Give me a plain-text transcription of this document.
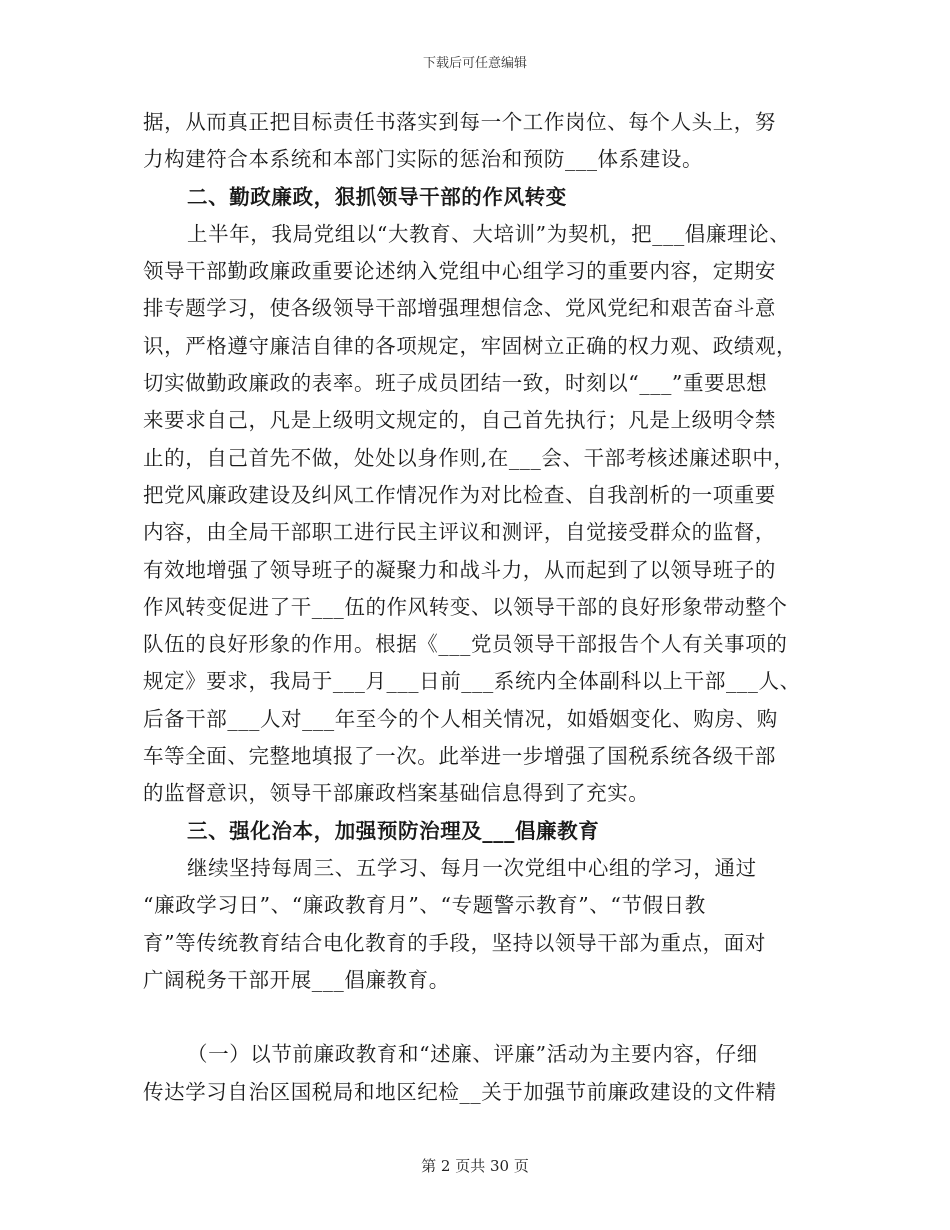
下载后可任意编辑
据，从而真正把目标责任书落实到每一个工作岗位、每个人头上，努
力构建符合本系统和本部门实际的惩治和预防___体系建设。
二、勤政廉政，狠抓领导干部的作风转变
上半年，我局党组以“大教育、大培训”为契机，把___倡廉理论、
领导干部勤政廉政重要论述纳入党组中心组学习的重要内容，定期安
排专题学习，使各级领导干部增强理想信念、党风党纪和艰苦奋斗意
识，严格遵守廉洁自律的各项规定，牢固树立正确的权力观、政绩观，
切实做勤政廉政的表率。班子成员团结一致，时刻以“___”重要思想
来要求自己，凡是上级明文规定的，自己首先执行；凡是上级明令禁
止的，自己首先不做，处处以身作则,在___会、干部考核述廉述职中，
把党风廉政建设及纠风工作情况作为对比检查、自我剖析的一项重要
内容，由全局干部职工进行民主评议和测评，自觉接受群众的监督，
有效地增强了领导班子的凝聚力和战斗力，从而起到了以领导班子的
作风转变促进了干___伍的作风转变、以领导干部的良好形象带动整个
队伍的良好形象的作用。根据《___党员领导干部报告个人有关事项的
规定》要求，我局于___月___日前___系统内全体副科以上干部___人、
后备干部___人对___年至今的个人相关情况，如婚姻变化、购房、购
车等全面、完整地填报了一次。此举进一步增强了国税系统各级干部
的监督意识，领导干部廉政档案基础信息得到了充实。
三、强化治本，加强预防治理及___倡廉教育
继续坚持每周三、五学习、每月一次党组中心组的学习，通过
“廉政学习日”、“廉政教育月”、“专题警示教育”、“节假日教
育”等传统教育结合电化教育的手段，坚持以领导干部为重点，面对
广阔税务干部开展___倡廉教育。
（一）以节前廉政教育和“述廉、评廉”活动为主要内容，仔细
传达学习自治区国税局和地区纪检__关于加强节前廉政建设的文件精
第 2 页共 30 页
